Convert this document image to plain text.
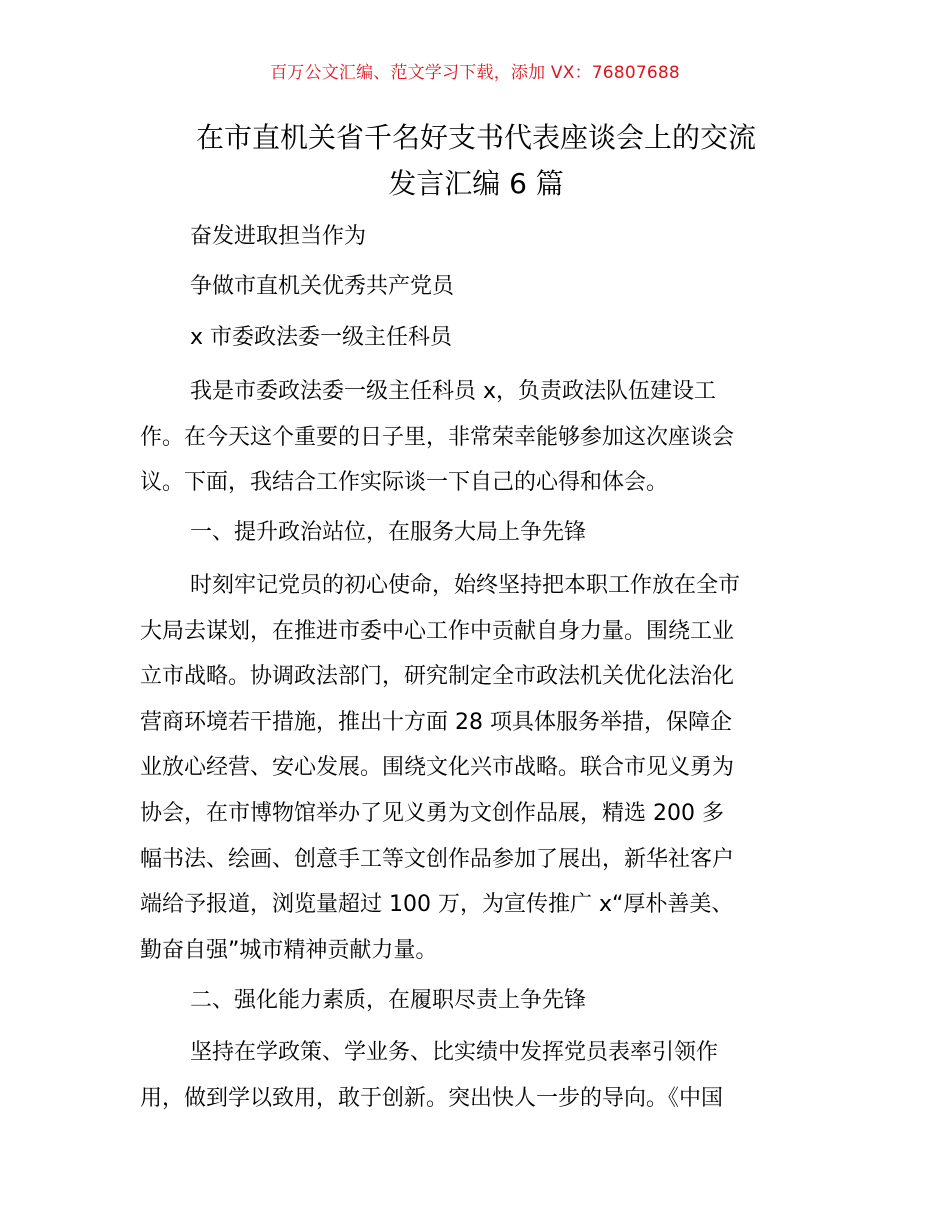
百万公文汇编、范文学习下载，添加 VX：76807688
在市直机关省千名好支书代表座谈会上的交流
发言汇编 6 篇
奋发进取担当作为
争做市直机关优秀共产党员
x 市委政法委一级主任科员
我是市委政法委一级主任科员 x，负责政法队伍建设工
作。在今天这个重要的日子里，非常荣幸能够参加这次座谈会
议。下面，我结合工作实际谈一下自己的心得和体会。
一、提升政治站位，在服务大局上争先锋
时刻牢记党员的初心使命，始终坚持把本职工作放在全市
大局去谋划，在推进市委中心工作中贡献自身力量。围绕工业
立市战略。协调政法部门，研究制定全市政法机关优化法治化
营商环境若干措施，推出十方面 28 项具体服务举措，保障企
业放心经营、安心发展。围绕文化兴市战略。联合市见义勇为
协会，在市博物馆举办了见义勇为文创作品展，精选 200 多
幅书法、绘画、创意手工等文创作品参加了展出，新华社客户
端给予报道，浏览量超过 100 万，为宣传推广 x“厚朴善美、
勤奋自强”城市精神贡献力量。
二、强化能力素质，在履职尽责上争先锋
坚持在学政策、学业务、比实绩中发挥党员表率引领作
用，做到学以致用，敢于创新。突出快人一步的导向。《中国
